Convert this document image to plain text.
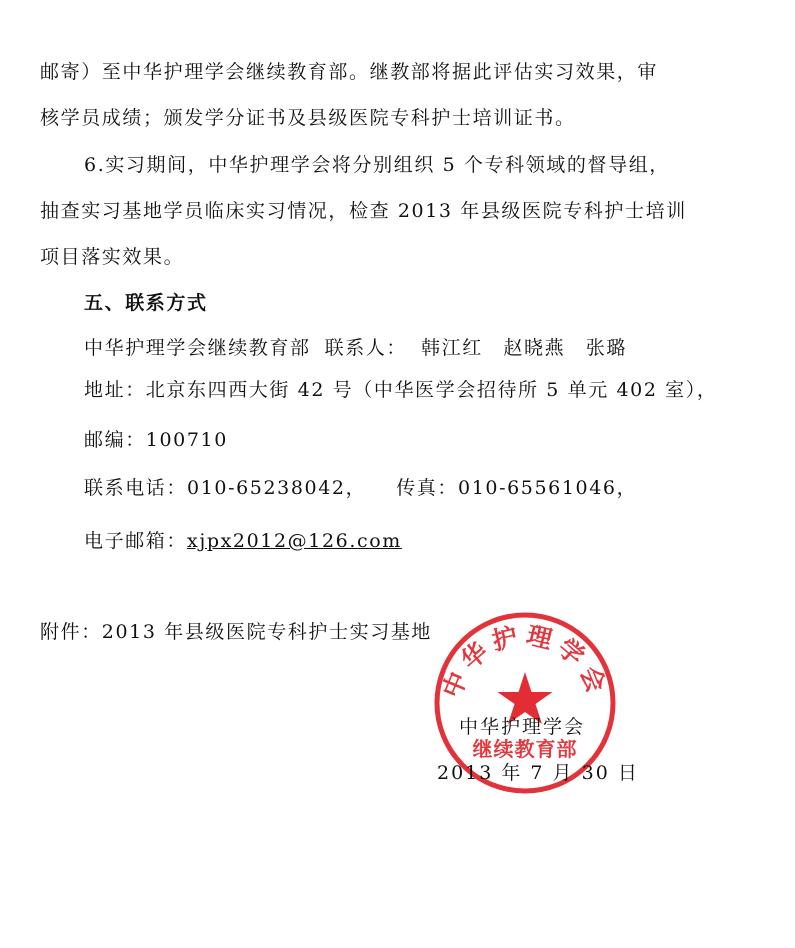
邮寄）至中华护理学会继续教育部。继教部将据此评估实习效果，审
核学员成绩；颁发学分证书及县级医院专科护士培训证书。
6.实习期间，中华护理学会将分别组织 5 个专科领域的督导组，
抽查实习基地学员临床实习情况，检查 2013 年县级医院专科护士培训
项目落实效果。
五、联系方式
中华护理学会继续教育部 联系人： 韩江红　赵晓燕　张璐
地址：北京东四西大街 42 号（中华医学会招待所 5 单元 402 室），
邮编：100710
联系电话：010-65238042， 传真：010-65561046，
电子邮箱：xjpx2012@126.com
附件：2013 年县级医院专科护士实习基地
中华护理学会
继续教育部
中华护理学会
2013 年 7 月 30 日
